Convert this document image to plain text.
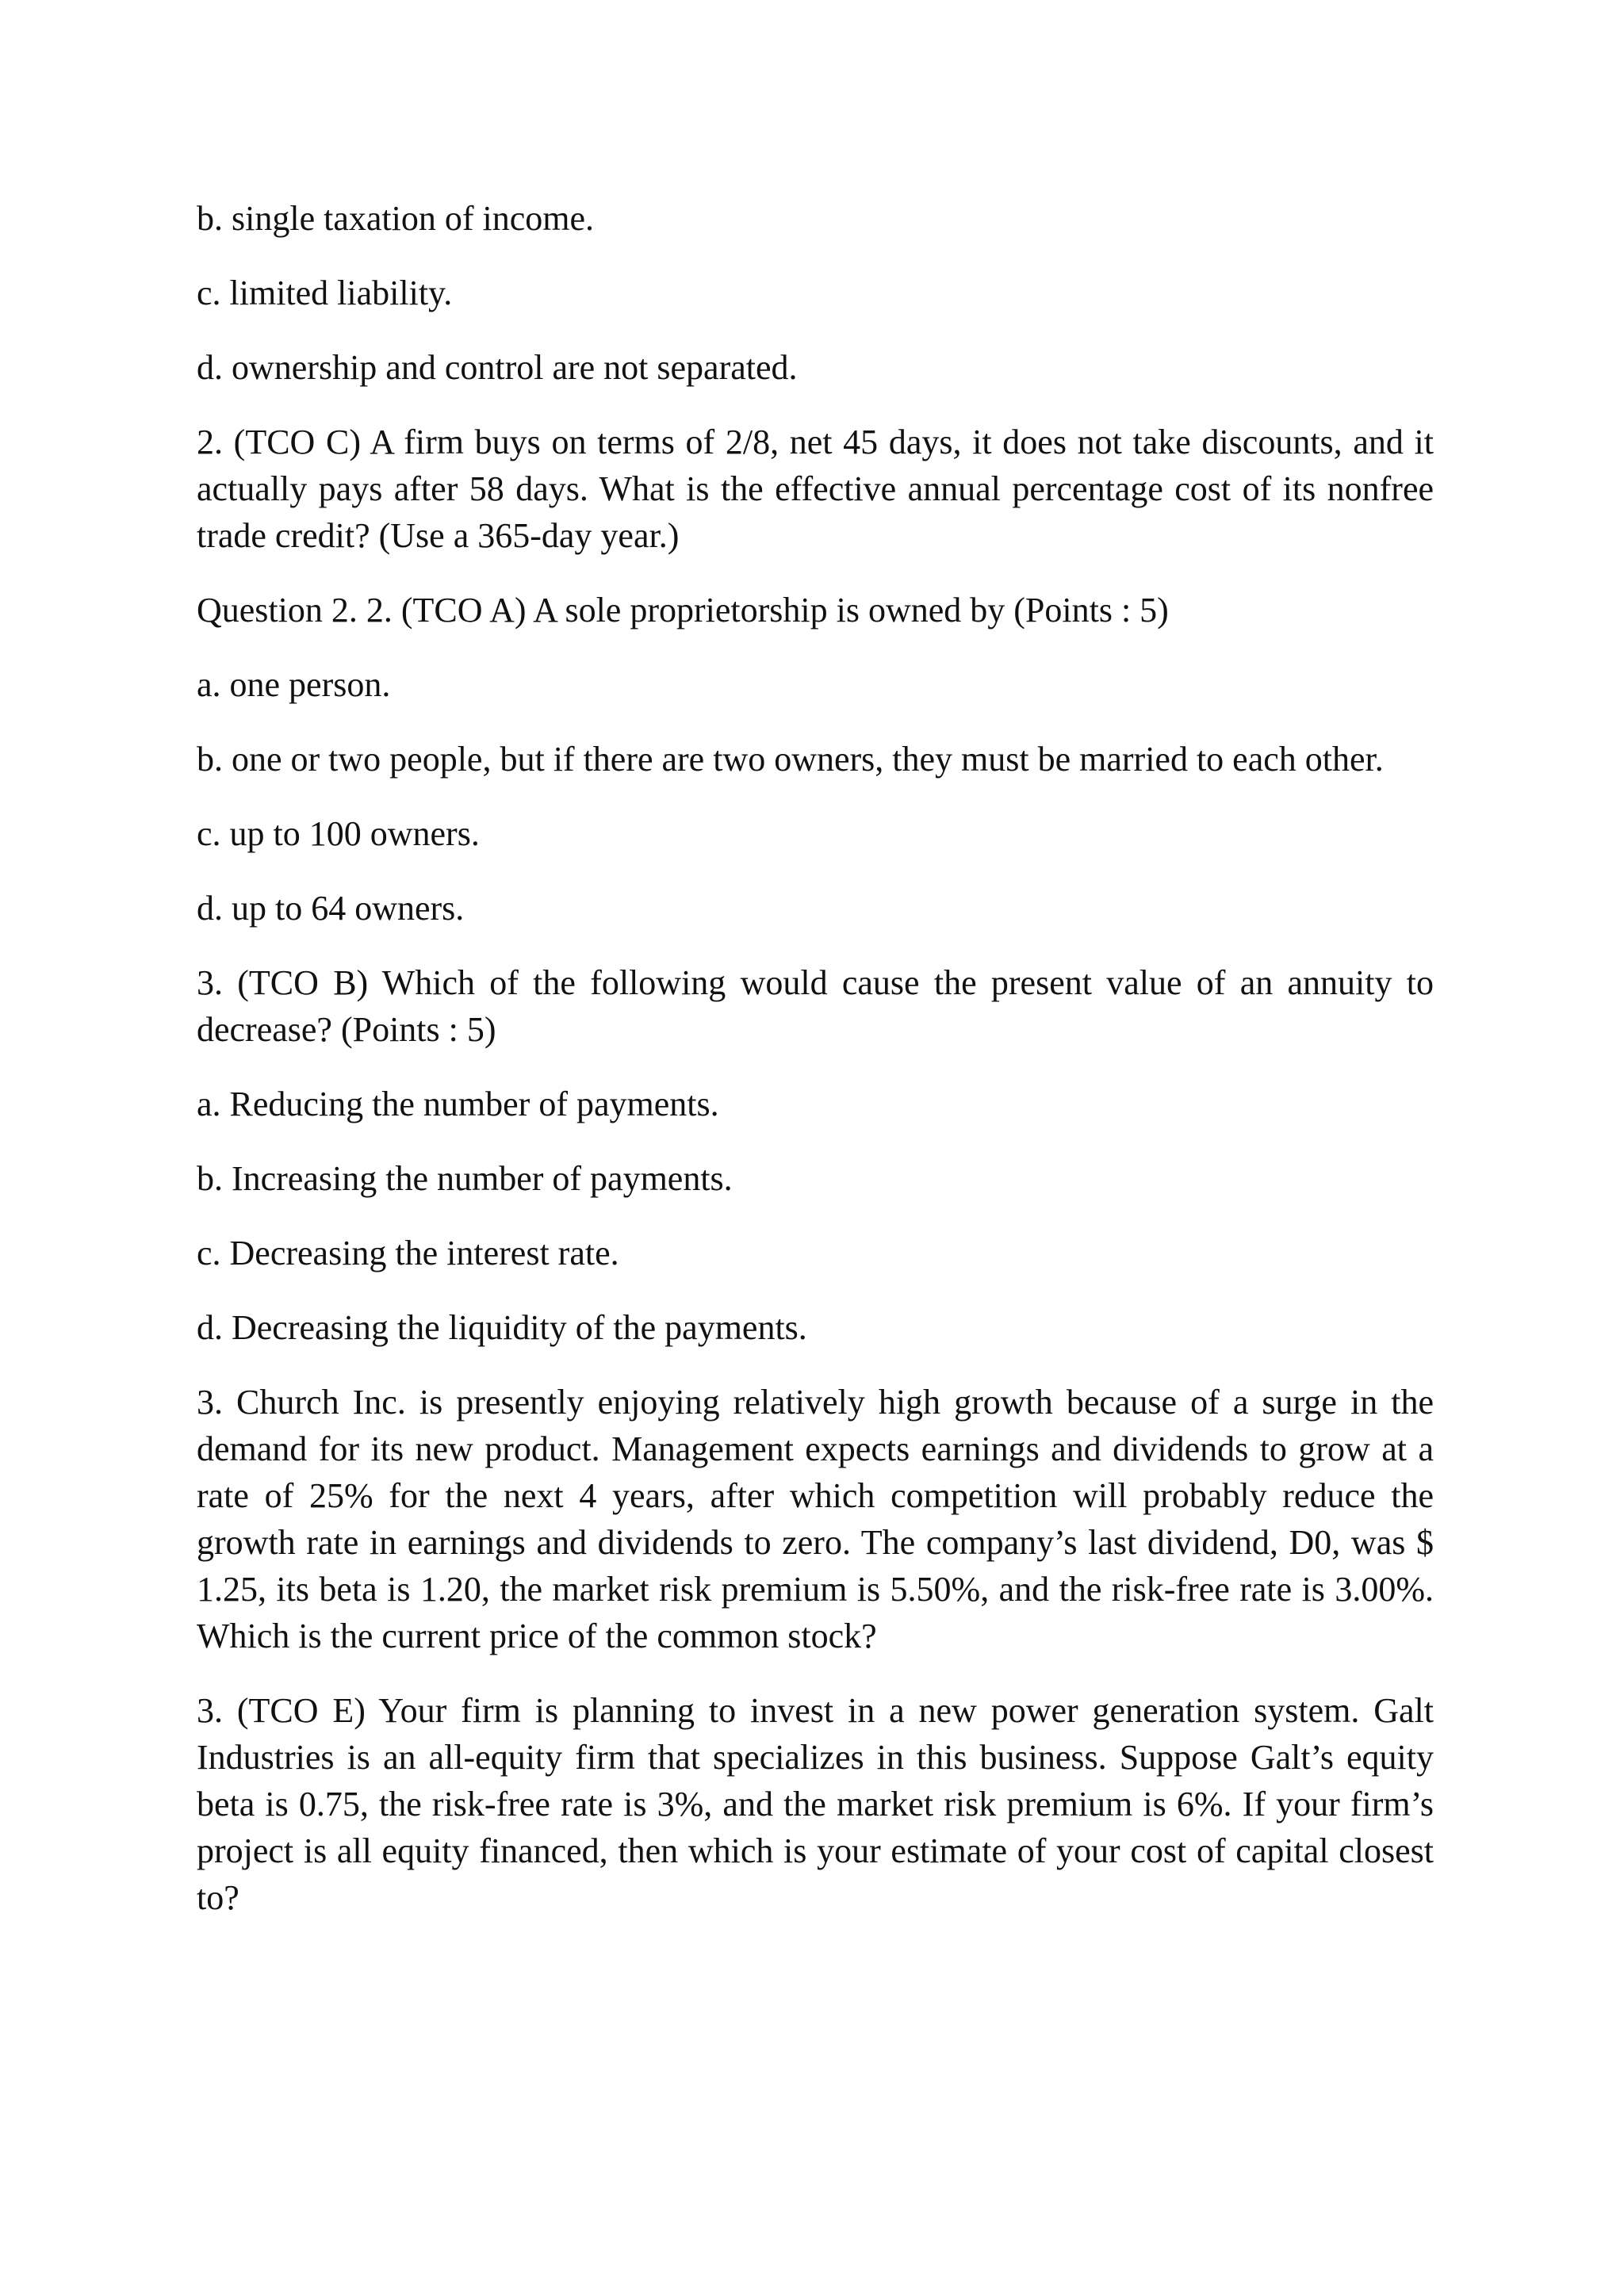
b. single taxation of income.

c. limited liability.

d. ownership and control are not separated.

2. (TCO C) A firm buys on terms of 2/8, net 45 days, it does not take discounts, and it actually pays after 58 days. What is the effective annual percentage cost of its nonfree trade credit? (Use a 365-day year.)

Question 2. 2. (TCO A) A sole proprietorship is owned by (Points : 5)

a. one person.

b. one or two people, but if there are two owners, they must be married to each other.

c. up to 100 owners.

d. up to 64 owners.

3. (TCO B) Which of the following would cause the present value of an annuity to decrease? (Points : 5)

a. Reducing the number of payments.

b. Increasing the number of payments.

c. Decreasing the interest rate.

d. Decreasing the liquidity of the payments.

3. Church Inc. is presently enjoying relatively high growth because of a surge in the demand for its new product. Management expects earnings and dividends to grow at a rate of 25% for the next 4 years, after which competition will probably reduce the growth rate in earnings and dividends to zero. The company’s last dividend, D0, was $ 1.25, its beta is 1.20, the market risk premium is 5.50%, and the risk-free rate is 3.00%. Which is the current price of the common stock?

3. (TCO E) Your firm is planning to invest in a new power generation system. Galt Industries is an all-equity firm that specializes in this business. Suppose Galt’s equity beta is 0.75, the risk-free rate is 3%, and the market risk premium is 6%. If your firm’s project is all equity financed, then which is your estimate of your cost of capital closest to?
